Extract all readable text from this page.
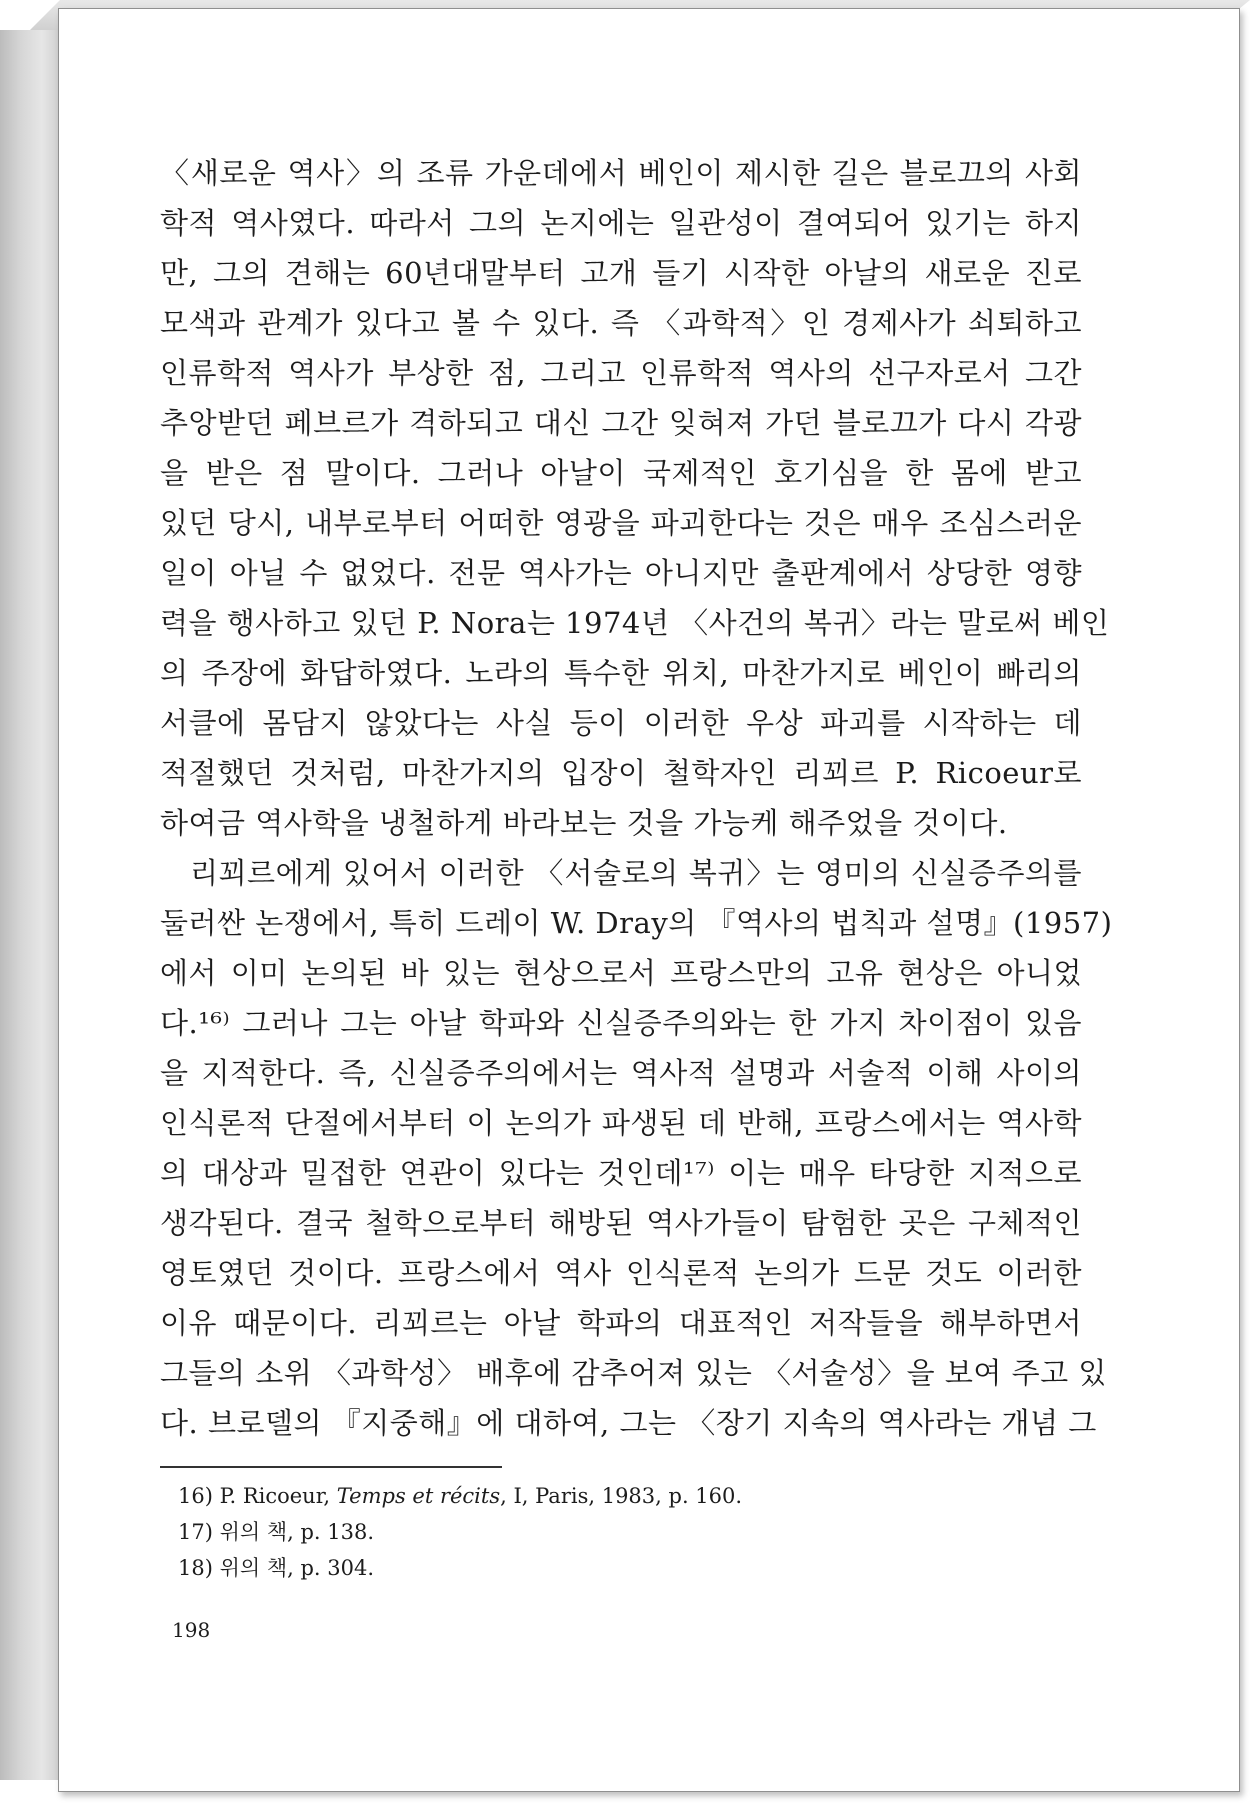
〈새로운 역사〉의 조류 가운데에서 베인이 제시한 길은 블로끄의 사회
학적 역사였다. 따라서 그의 논지에는 일관성이 결여되어 있기는 하지
만, 그의 견해는 60년대말부터 고개 들기 시작한 아날의 새로운 진로
모색과 관계가 있다고 볼 수 있다. 즉 〈과학적〉인 경제사가 쇠퇴하고
인류학적 역사가 부상한 점, 그리고 인류학적 역사의 선구자로서 그간
추앙받던 페브르가 격하되고 대신 그간 잊혀져 가던 블로끄가 다시 각광
을 받은 점 말이다. 그러나 아날이 국제적인 호기심을 한 몸에 받고
있던 당시, 내부로부터 어떠한 영광을 파괴한다는 것은 매우 조심스러운
일이 아닐 수 없었다. 전문 역사가는 아니지만 출판계에서 상당한 영향
력을 행사하고 있던 P. Nora는 1974년 〈사건의 복귀〉라는 말로써 베인
의 주장에 화답하였다. 노라의 특수한 위치, 마찬가지로 베인이 빠리의
서클에 몸담지 않았다는 사실 등이 이러한 우상 파괴를 시작하는 데
적절했던 것처럼, 마찬가지의 입장이 철학자인 리꾀르 P. Ricoeur로
하여금 역사학을 냉철하게 바라보는 것을 가능케 해주었을 것이다.
　리꾀르에게 있어서 이러한 〈서술로의 복귀〉는 영미의 신실증주의를
둘러싼 논쟁에서, 특히 드레이 W. Dray의 『역사의 법칙과 설명』(1957)
에서 이미 논의된 바 있는 현상으로서 프랑스만의 고유 현상은 아니었
다.¹⁶⁾ 그러나 그는 아날 학파와 신실증주의와는 한 가지 차이점이 있음
을 지적한다. 즉, 신실증주의에서는 역사적 설명과 서술적 이해 사이의
인식론적 단절에서부터 이 논의가 파생된 데 반해, 프랑스에서는 역사학
의 대상과 밀접한 연관이 있다는 것인데¹⁷⁾ 이는 매우 타당한 지적으로
생각된다. 결국 철학으로부터 해방된 역사가들이 탐험한 곳은 구체적인
영토였던 것이다. 프랑스에서 역사 인식론적 논의가 드문 것도 이러한
이유 때문이다. 리꾀르는 아날 학파의 대표적인 저작들을 해부하면서
그들의 소위 〈과학성〉 배후에 감추어져 있는 〈서술성〉을 보여 주고 있
다. 브로델의 『지중해』에 대하여, 그는 〈장기 지속의 역사라는 개념 그
16) P. Ricoeur, Temps et récits, I, Paris, 1983, p. 160.
17) 위의 책, p. 138.
18) 위의 책, p. 304.
198
